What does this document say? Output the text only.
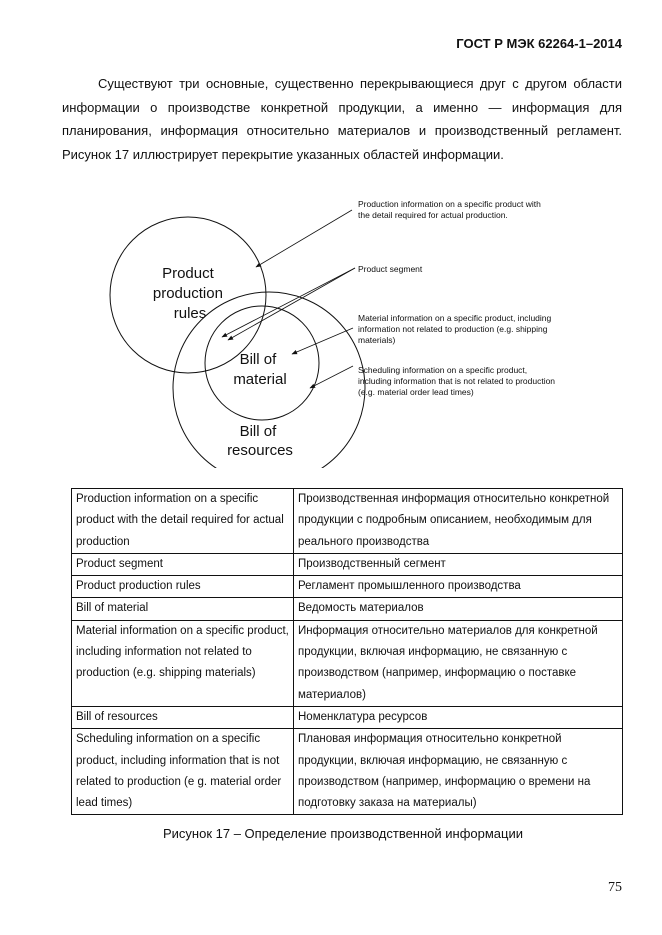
ГОСТ Р МЭК 62264-1–2014

Существуют три основные, существенно перекрывающиеся друг с другом области информации о производстве конкретной продукции, а именно — информация для планирования, информация относительно материалов и производственный регламент. Рисунок 17 иллюстрирует перекрытие указанных областей информации.

Product production rules
Bill of material
Bill of resources
Production information on a specific product with the detail required for actual production.
Product segment
Material information on a specific product, including information not related to production (e.g. shipping materials)
Scheduling information on a specific product, including information that is not related to production (e.g. material order lead times)
Production information on a specific product with the detail required for actual production	Производственная информация относительно конкретной продукции с подробным описанием, необходимым для реального производства
Product segment	Производственный сегмент
Product production rules	Регламент промышленного производства
Bill of material	Ведомость материалов
Material information on a specific product, including information not related to production (e.g. shipping materials)	Информация относительно материалов для конкретной продукции, включая информацию, не связанную с производством (например, информацию о поставке материалов)
Bill of resources	Номенклатура ресурсов
Scheduling information on a specific product, including information that is not related to production (e g. material order lead times)	Плановая информация относительно конкретной продукции, включая информацию, не связанную с производством (например, информацию о времени на подготовку заказа на материалы)
Рисунок 17 – Определение производственной информации
75
